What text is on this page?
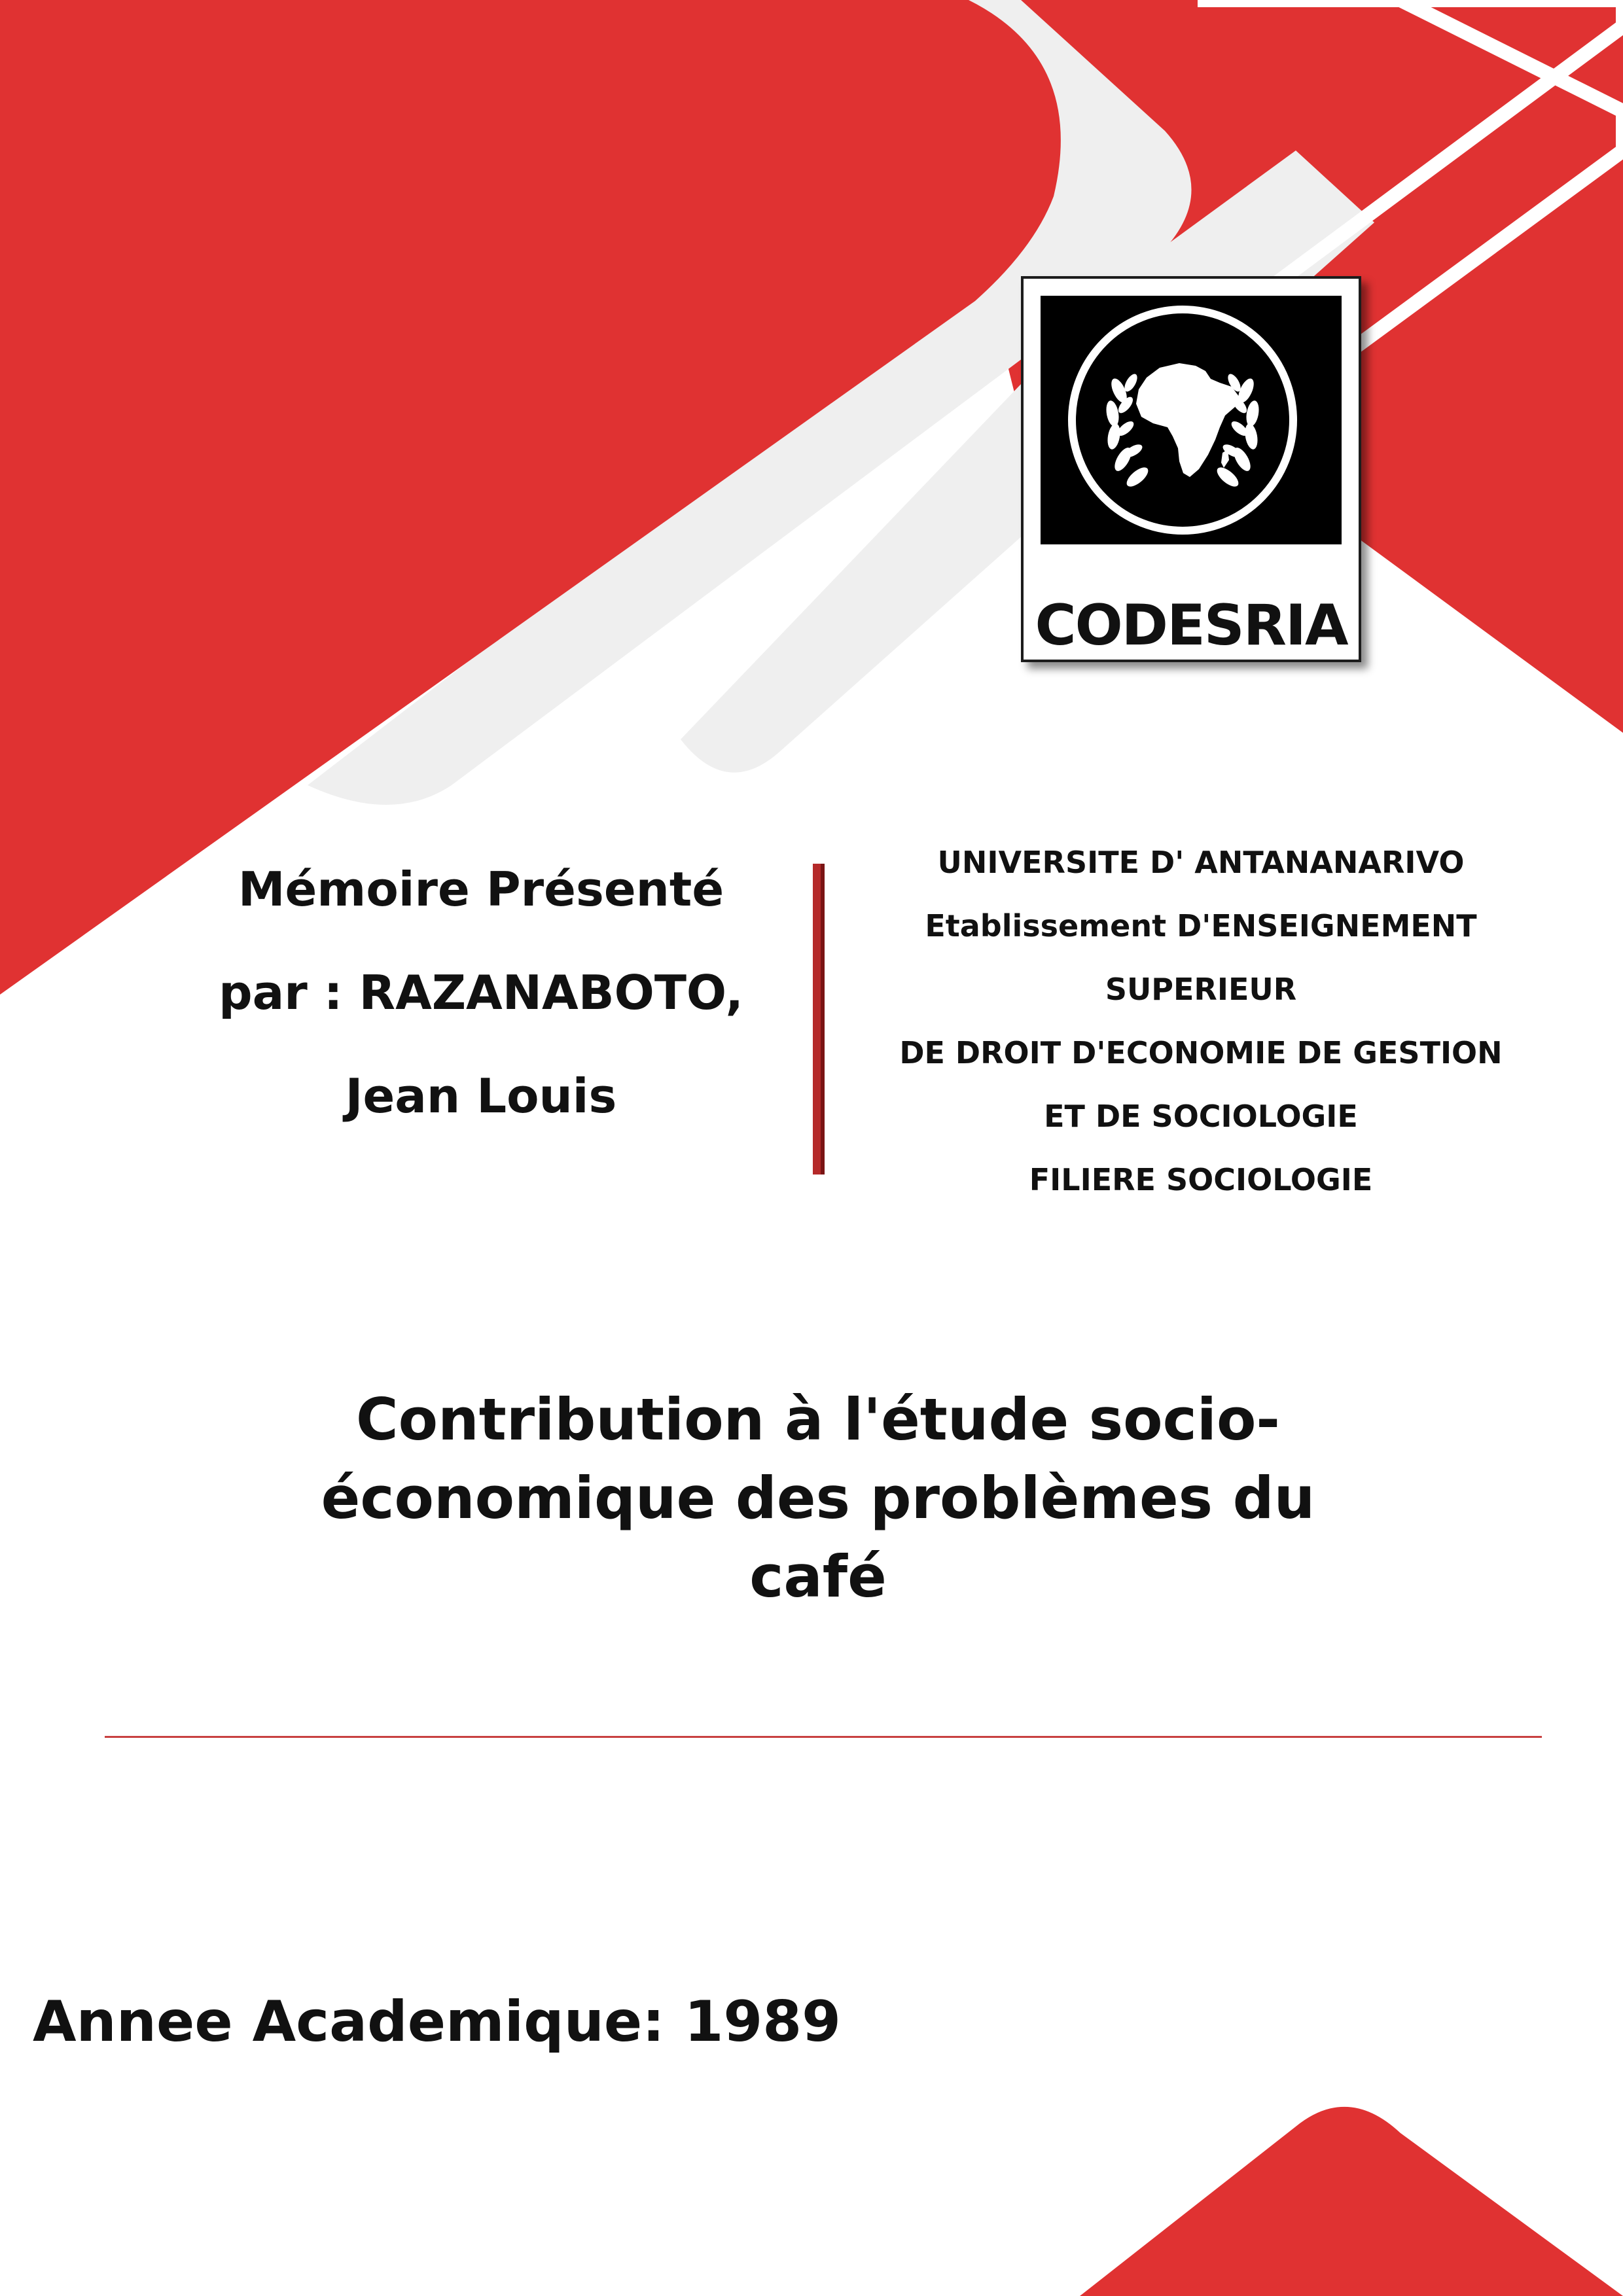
CODESRIA
Mémoire Présenté
par : RAZANABOTO,
Jean Louis
UNIVERSITE D' ANTANANARIVO
Etablissement D'ENSEIGNEMENT
SUPERIEUR
DE DROIT D'ECONOMIE DE GESTION
ET DE SOCIOLOGIE
FILIERE SOCIOLOGIE
Contribution à l'étude socio-
économique des problèmes du
café
Annee Academique: 1989
